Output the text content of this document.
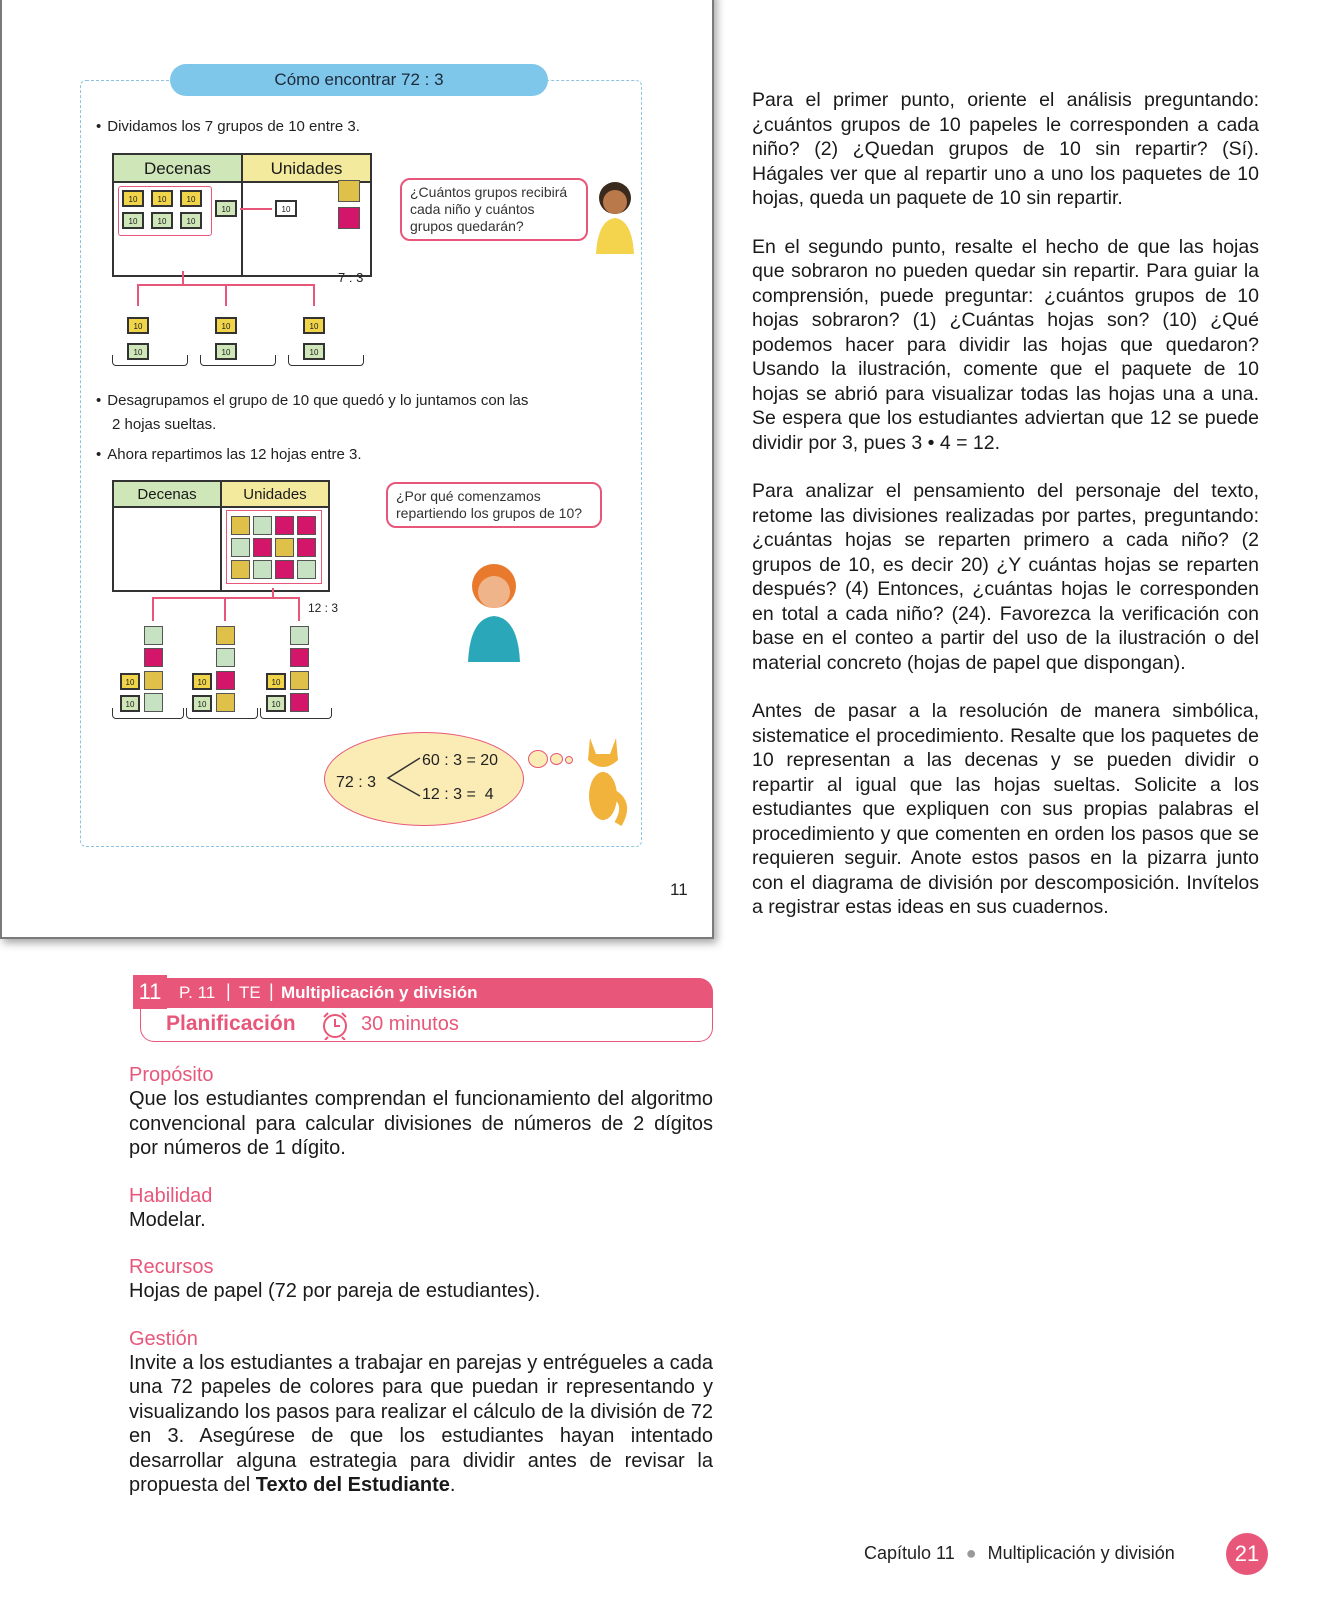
Cómo encontrar 72 : 3
• Dividamos los 7 grupos de 10 entre 3.
Decenas	Unidades
10	10	10
10	10	10
10	10
¿Cuántos grupos recibirá cada niño y cuántos grupos quedarán?
7 : 3
10
10
10
10
10
10
• Desagrupamos el grupo de 10 que quedó y lo juntamos con las
2 hojas sueltas.
• Ahora repartimos las 12 hojas entre 3.
Decenas	Unidades	¿Por qué comenzamos repartiendo los grupos de 10?
12 : 3
10
10
10
10
10
10
72 : 3
60 : 3 = 20
12 : 3 =  4
11

Para el primer punto, oriente el análisis preguntando: ¿cuántos grupos de 10 papeles le corresponden a cada niño? (2) ¿Quedan grupos de 10 sin repartir? (Sí). Hágales ver que al repartir uno a uno los paquetes de 10 hojas, queda un paquete de 10 sin repartir.

En el segundo punto, resalte el hecho de que las hojas que sobraron no pueden quedar sin repartir. Para guiar la comprensión, puede preguntar: ¿cuántos grupos de 10 hojas sobraron? (1) ¿Cuántas hojas son? (10) ¿Qué podemos hacer para dividir las hojas que quedaron? Usando la ilustración, comente que el paquete de 10 hojas se abrió para visualizar todas las hojas una a una. Se espera que los estudiantes adviertan que 12 se puede dividir por 3, pues 3 • 4 = 12.

Para analizar el pensamiento del personaje del texto, retome las divisiones realizadas por partes, preguntando: ¿cuántas hojas se reparten primero a cada niño? (2 grupos de 10, es decir 20) ¿Y cuántas hojas se reparten después? (4) Entonces, ¿cuántas hojas le corresponden en total a cada niño? (24). Favorezca la verificación con base en el conteo a partir del uso de la ilustración o del material concreto (hojas de papel que dispongan).

Antes de pasar a la resolución de manera simbólica, sistematice el procedimiento. Resalte que los paquetes de 10 representan a las decenas y se pueden dividir o repartir al igual que las hojas sueltas. Solicite a los estudiantes que expliquen con sus propias palabras el procedimiento y que comenten en orden los pasos que se requieren seguir. Anote estos pasos en la pizarra junto con el diagrama de división por descomposición. Invítelos a registrar estas ideas en sus cuadernos.

P. 11 | TE | Multiplicación y división
11
Planificación	30 minutos
Propósito
Que los estudiantes comprendan el funcionamiento del algoritmo convencional para calcular divisiones de números de 2 dígitos por números de 1 dígito.
Habilidad
Modelar.
Recursos
Hojas de papel (72 por pareja de estudiantes).
Gestión
Invite a los estudiantes a trabajar en parejas y entrégueles a cada una 72 papeles de colores para que puedan ir representando y visualizando los pasos para realizar el cálculo de la división de 72 en 3. Asegúrese de que los estudiantes hayan intentado desarrollar alguna estrategia para dividir antes de revisar la propuesta del Texto del Estudiante.
Capítulo 11 ● Multiplicación y división	21
